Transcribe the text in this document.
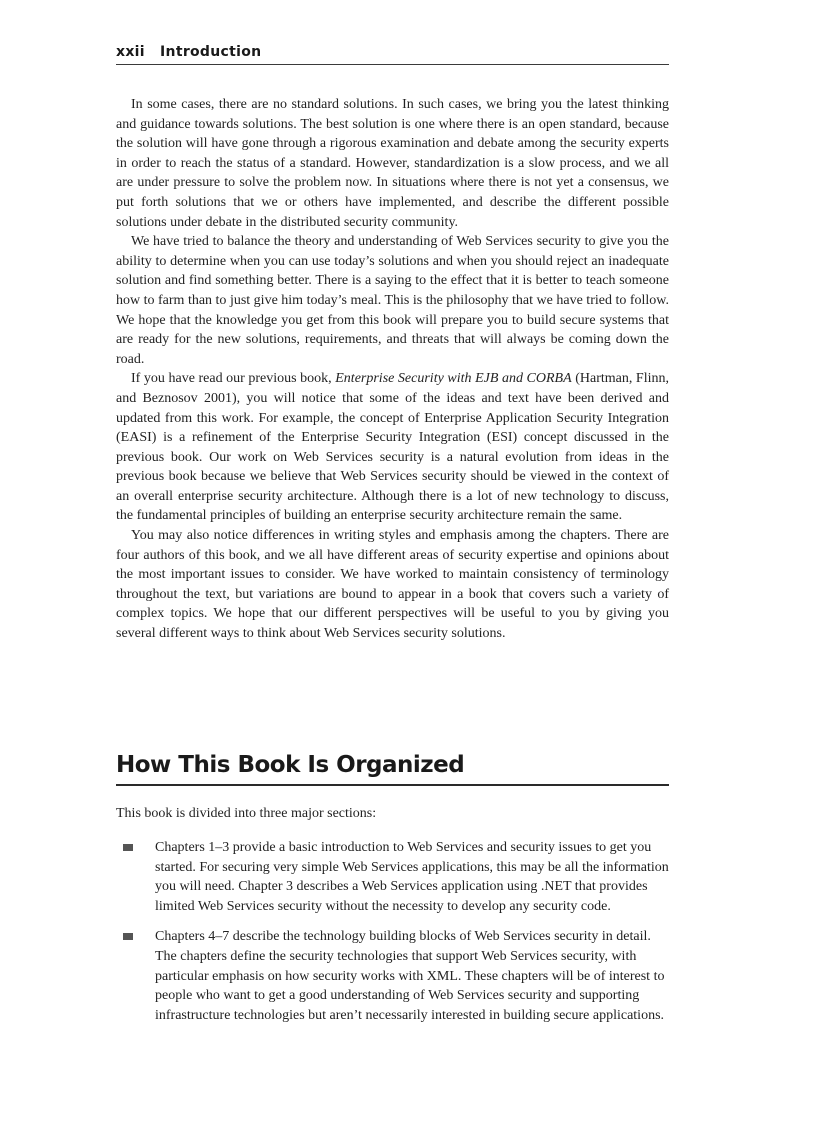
xxii Introduction

In some cases, there are no standard solutions. In such cases, we bring you the latest thinking and guidance towards solutions. The best solution is one where there is an open standard, because the solution will have gone through a rigorous examination and debate among the security experts in order to reach the status of a standard. However, standardization is a slow process, and we all are under pressure to solve the problem now. In situations where there is not yet a consensus, we put forth solutions that we or others have implemented, and describe the different possible solutions under debate in the distributed security community.

We have tried to balance the theory and understanding of Web Services security to give you the ability to determine when you can use today’s solutions and when you should reject an inadequate solution and find something better. There is a saying to the effect that it is better to teach someone how to farm than to just give him today’s meal. This is the philosophy that we have tried to follow. We hope that the knowledge you get from this book will prepare you to build secure systems that are ready for the new solutions, requirements, and threats that will always be coming down the road.

If you have read our previous book, Enterprise Security with EJB and CORBA (Hartman, Flinn, and Beznosov 2001), you will notice that some of the ideas and text have been derived and updated from this work. For example, the concept of Enterprise Application Security Integration (EASI) is a refinement of the Enterprise Security Integration (ESI) concept discussed in the previous book. Our work on Web Services security is a natural evolution from ideas in the previous book because we believe that Web Services security should be viewed in the context of an overall enterprise security architecture. Although there is a lot of new technology to discuss, the fundamental principles of building an enterprise security architecture remain the same.

You may also notice differences in writing styles and emphasis among the chapters. There are four authors of this book, and we all have different areas of security expertise and opinions about the most important issues to consider. We have worked to maintain consistency of terminology throughout the text, but variations are bound to appear in a book that covers such a variety of complex topics. We hope that our different perspectives will be useful to you by giving you several different ways to think about Web Services security solutions.

How This Book Is Organized

This book is divided into three major sections:

Chapters 1–3 provide a basic introduction to Web Services and security issues to get you started. For securing very simple Web Services applications, this may be all the information you will need. Chapter 3 describes a Web Services application using .NET that provides limited Web Services security without the necessity to develop any security code.
Chapters 4–7 describe the technology building blocks of Web Services security in detail. The chapters define the security technologies that support Web Services security, with particular emphasis on how security works with XML. These chapters will be of interest to people who want to get a good understanding of Web Services security and supporting infrastructure technologies but aren’t necessarily interested in building secure applications.
